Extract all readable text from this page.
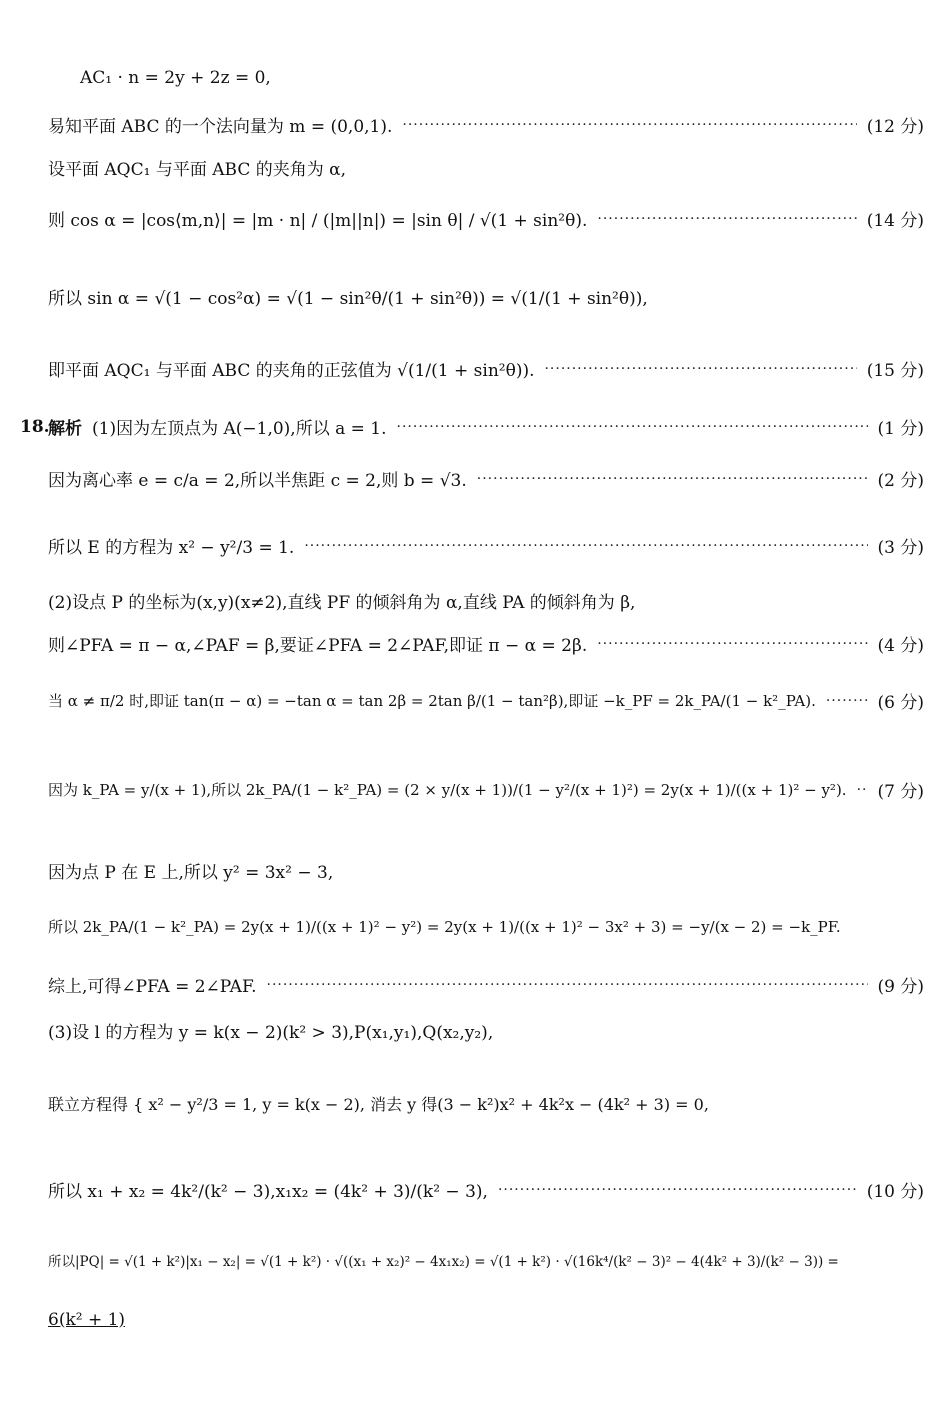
AC₁ · n = 2y + 2z = 0,
易知平面 ABC 的一个法向量为 m = (0,0,1). ·····	(12 分)
设平面 AQC₁ 与平面 ABC 的夹角为 α,
则 cos α = |cos⟨m,n⟩| = |m · n| / (|m||n|) = |sin θ| / √(1 + sin²θ). ·····	(14 分)
所以 sin α = √(1 − cos²α) = √(1 − sin²θ/(1 + sin²θ)) = √(1/(1 + sin²θ)),
即平面 AQC₁ 与平面 ABC 的夹角的正弦值为 √(1/(1 + sin²θ)). ·····	(15 分)
18.
解析 (1)因为左顶点为 A(−1,0),所以 a = 1. ·····	(1 分)
因为离心率 e = c/a = 2,所以半焦距 c = 2,则 b = √3. ·····	(2 分)
所以 E 的方程为 x² − y²/3 = 1. ·····	(3 分)
(2)设点 P 的坐标为(x,y)(x≠2),直线 PF 的倾斜角为 α,直线 PA 的倾斜角为 β,
则∠PFA = π − α,∠PAF = β,要证∠PFA = 2∠PAF,即证 π − α = 2β. ·····	(4 分)
当 α ≠ π/2 时,即证 tan(π − α) = −tan α = tan 2β = 2tan β/(1 − tan²β),即证 −k_PF = 2k_PA/(1 − k²_PA). ·····	(6 分)
因为 k_PA = y/(x + 1),所以 2k_PA/(1 − k²_PA) = (2 × y/(x + 1))/(1 − y²/(x + 1)²) = 2y(x + 1)/((x + 1)² − y²). ····· (7 分)
因为点 P 在 E 上,所以 y² = 3x² − 3,
所以 2k_PA/(1 − k²_PA) = 2y(x + 1)/((x + 1)² − y²) = 2y(x + 1)/((x + 1)² − 3x² + 3) = −y/(x − 2) = −k_PF.
综上,可得∠PFA = 2∠PAF. ·····	(9 分)
(3)设 l 的方程为 y = k(x − 2)(k² > 3),P(x₁,y₁),Q(x₂,y₂),
联立方程得 { x² − y²/3 = 1, y = k(x − 2), 消去 y 得(3 − k²)x² + 4k²x − (4k² + 3) = 0,
所以 x₁ + x₂ = 4k²/(k² − 3),x₁x₂ = (4k² + 3)/(k² − 3), ·····	(10 分)
所以|PQ| = √(1 + k²)|x₁ − x₂| = √(1 + k²) · √((x₁ + x₂)² − 4x₁x₂) = √(1 + k²) · √(16k⁴/(k² − 3)² − 4(4k² + 3)/(k² − 3)) =
6(k² + 1)
